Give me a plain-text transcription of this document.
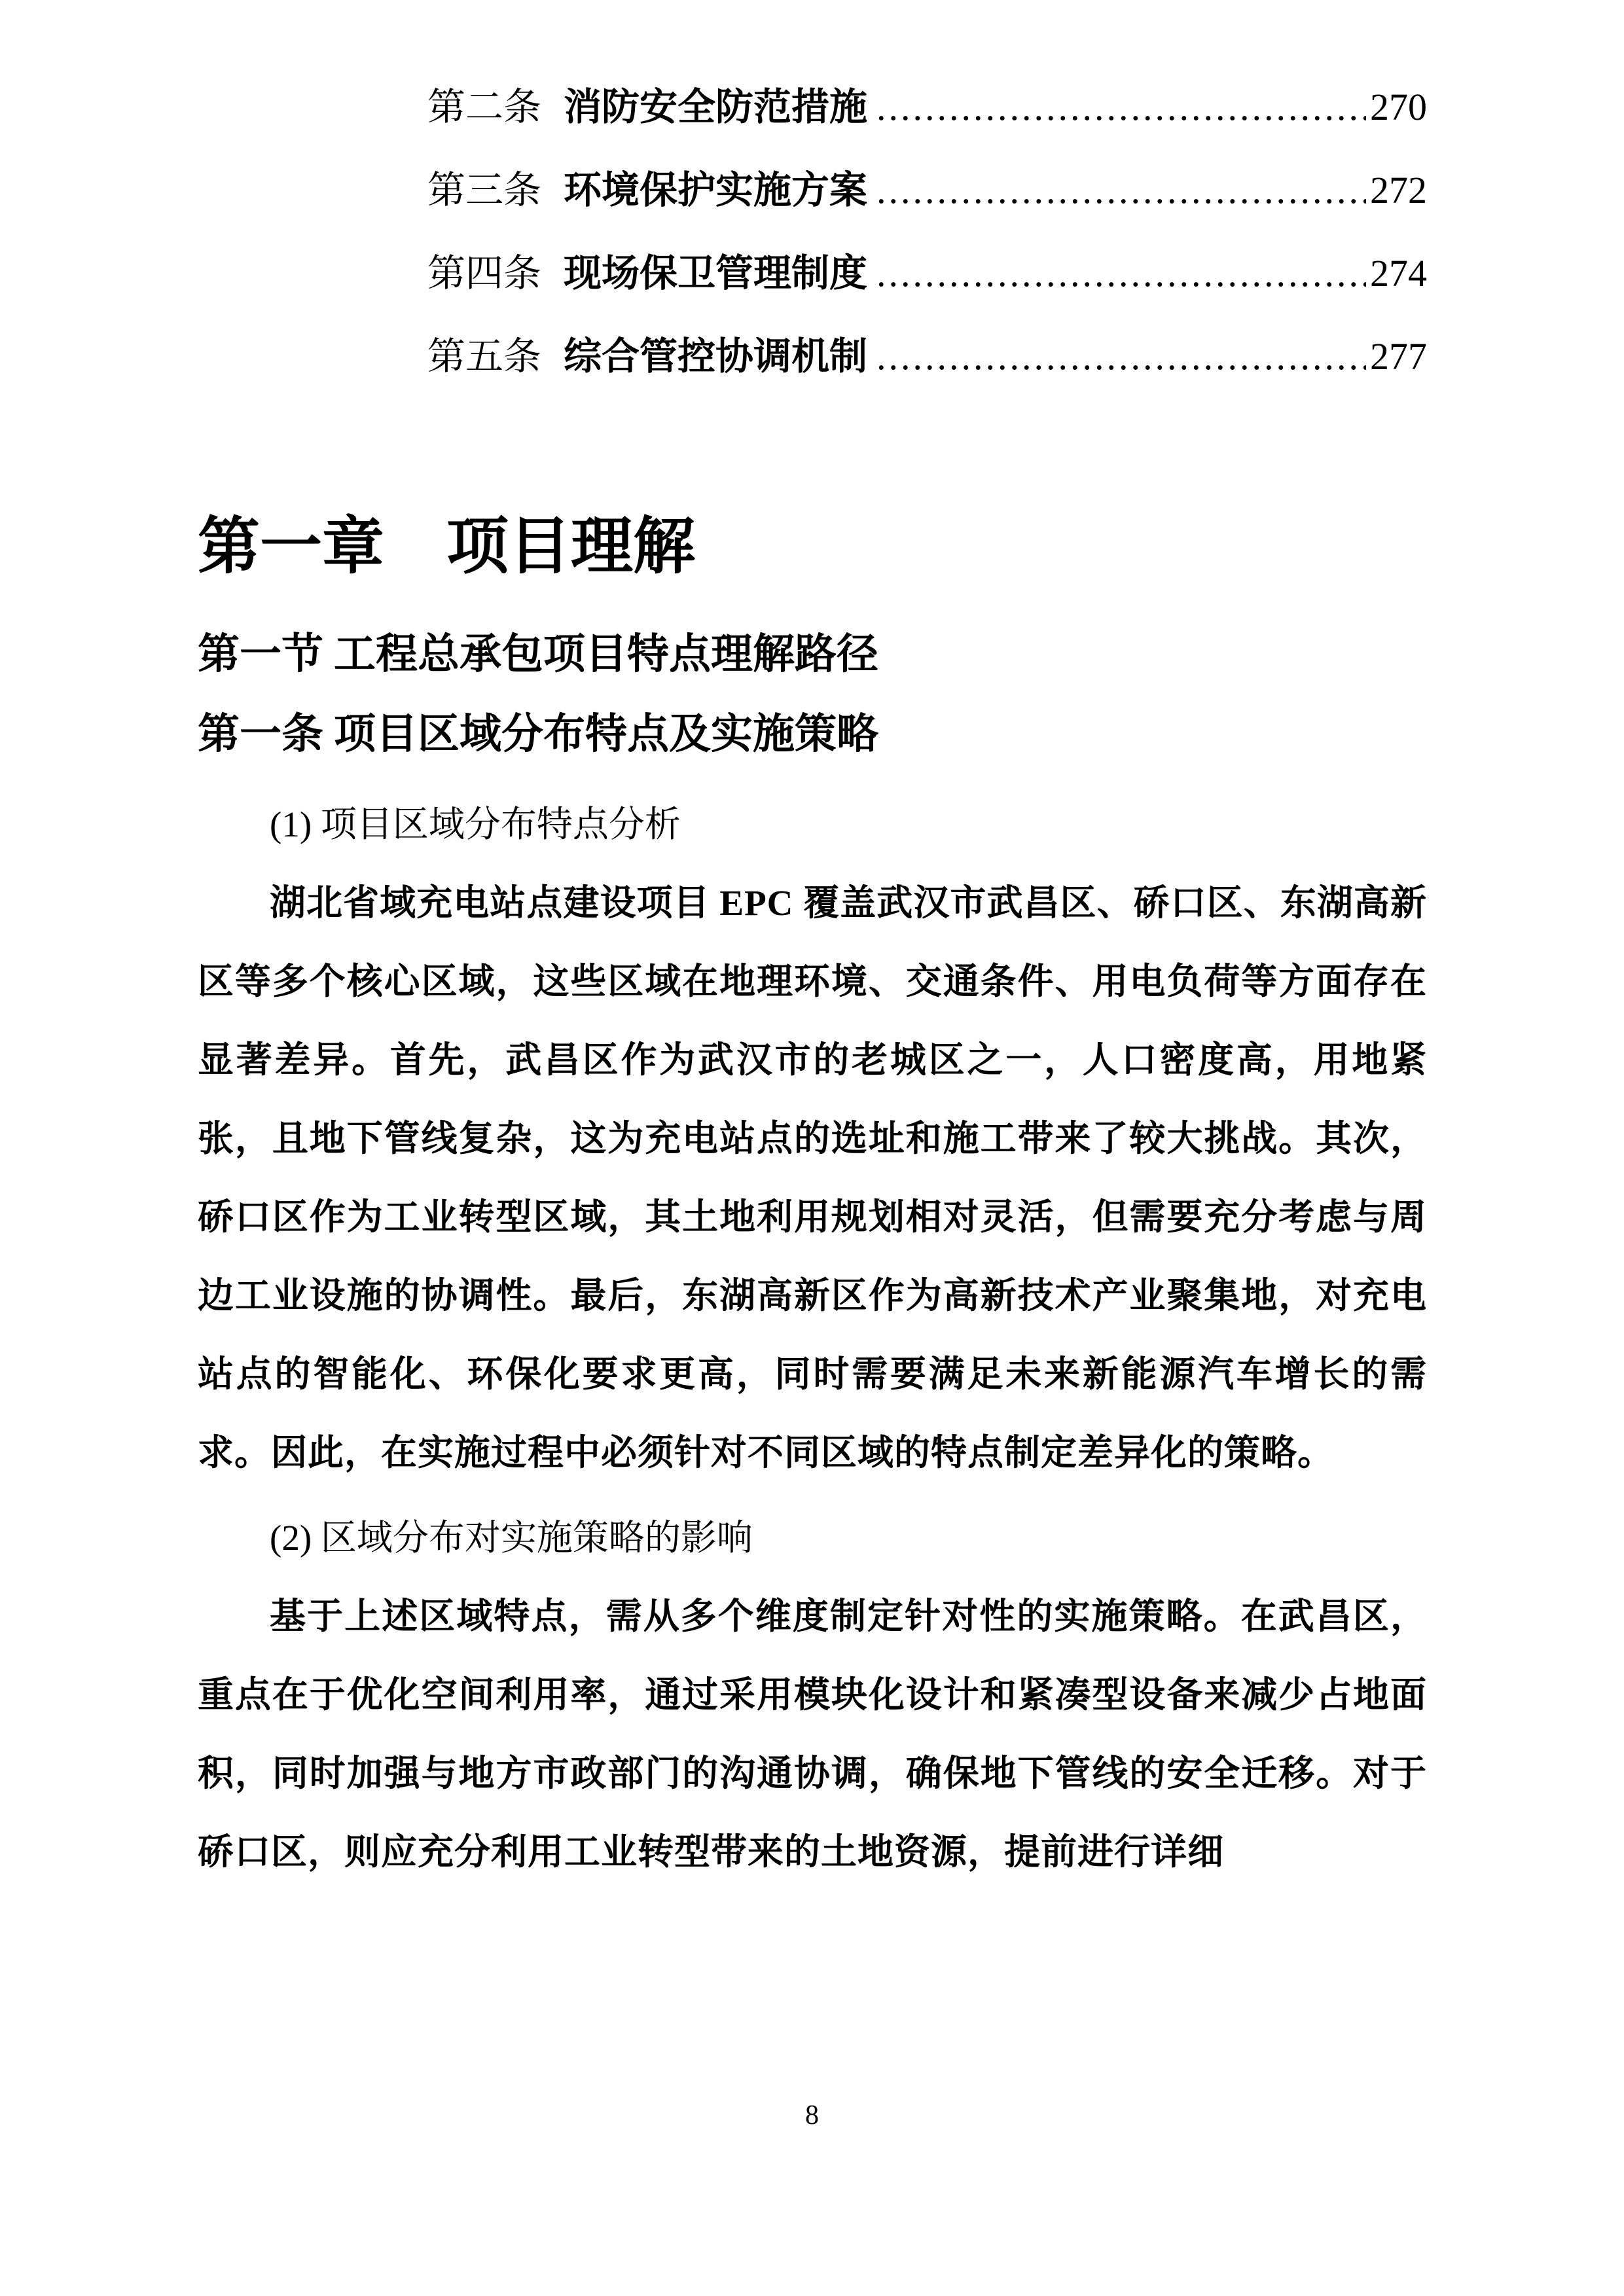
第二条 消防安全防范措施 .....	270
第三条 环境保护实施方案 .....	272
第四条 现场保卫管理制度 .....	274
第五条 综合管控协调机制 .....	277
第一章　项目理解
第一节 工程总承包项目特点理解路径
第一条 项目区域分布特点及实施策略
(1) 项目区域分布特点分析
湖北省域充电站点建设项目 EPC 覆盖武汉市武昌区、硚口区、东湖高新区等多个核心区域，这些区域在地理环境、交通条件、用电负荷等方面存在显著差异。首先，武昌区作为武汉市的老城区之一，人口密度高，用地紧张，且地下管线复杂，这为充电站点的选址和施工带来了较大挑战。其次，硚口区作为工业转型区域，其土地利用规划相对灵活，但需要充分考虑与周边工业设施的协调性。最后，东湖高新区作为高新技术产业聚集地，对充电站点的智能化、环保化要求更高，同时需要满足未来新能源汽车增长的需求。因此，在实施过程中必须针对不同区域的特点制定差异化的策略。
(2) 区域分布对实施策略的影响
基于上述区域特点，需从多个维度制定针对性的实施策略。在武昌区，重点在于优化空间利用率，通过采用模块化设计和紧凑型设备来减少占地面积，同时加强与地方市政部门的沟通协调，确保地下管线的安全迁移。对于硚口区，则应充分利用工业转型带来的土地资源，提前进行详细
8
